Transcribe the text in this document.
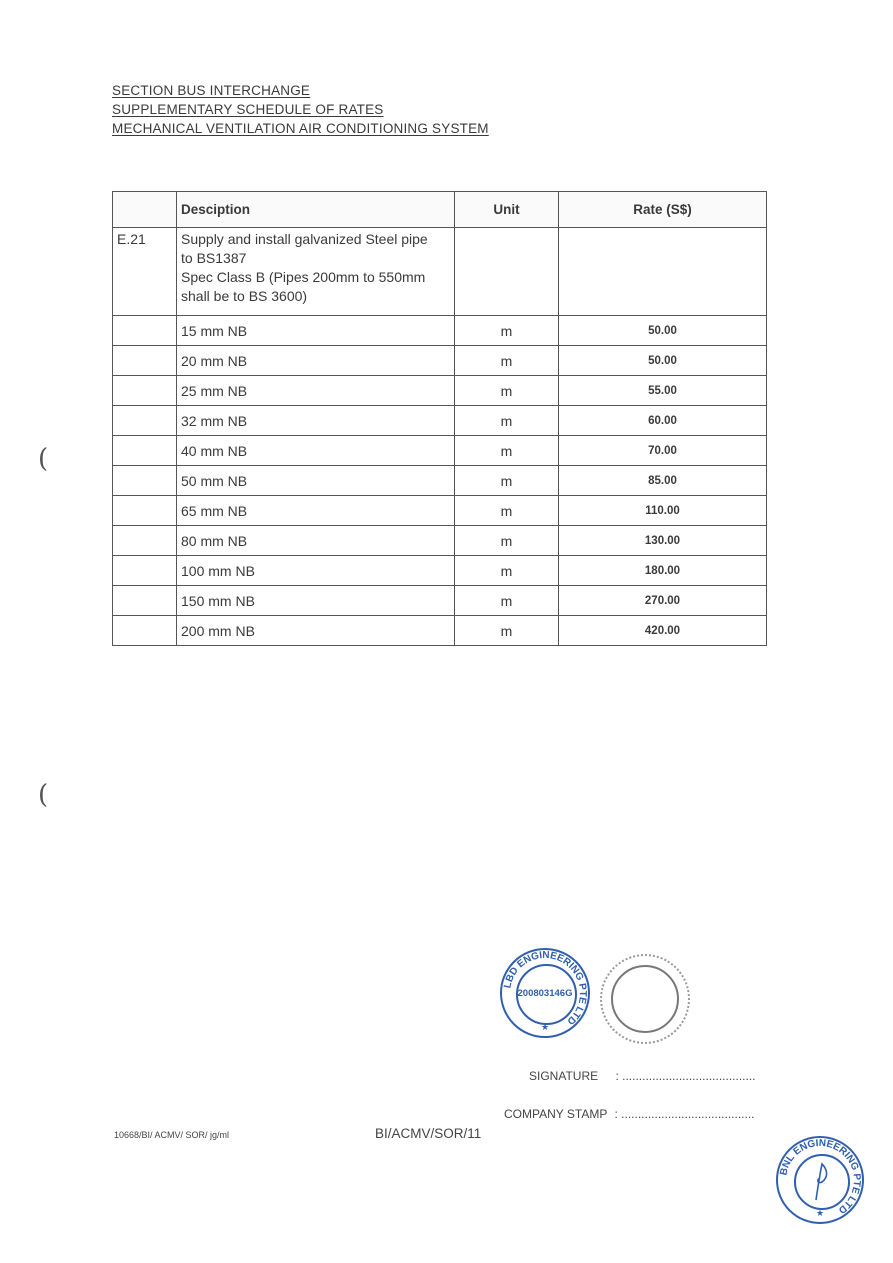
SECTION BUS INTERCHANGE
SUPPLEMENTARY SCHEDULE OF RATES
MECHANICAL VENTILATION AIR CONDITIONING SYSTEM
	Desciption	Unit	Rate (S$)
E.21	Supply and install galvanized Steel pipe
to BS1387
Spec Class B (Pipes 200mm to 550mm
shall be to BS 3600)		

	15 mm NB	m	50.00
	20 mm NB	m	50.00
	25 mm NB	m	55.00
	32 mm NB	m	60.00
	40 mm NB	m	70.00
	50 mm NB	m	85.00
	65 mm NB	m	110.00
	80 mm NB	m	130.00
	100 mm NB	m	180.00
	150 mm NB	m	270.00
	200 mm NB	m	420.00
(
(
LBD ENGINEERING PTE LTD
200803146G
★
SIGNATURE : ........................................
COMPANY STAMP : ........................................
10668/BI/ ACMV/ SOR/ jg/ml	BI/ACMV/SOR/11
BNL ENGINEERING PTE LTD
★
